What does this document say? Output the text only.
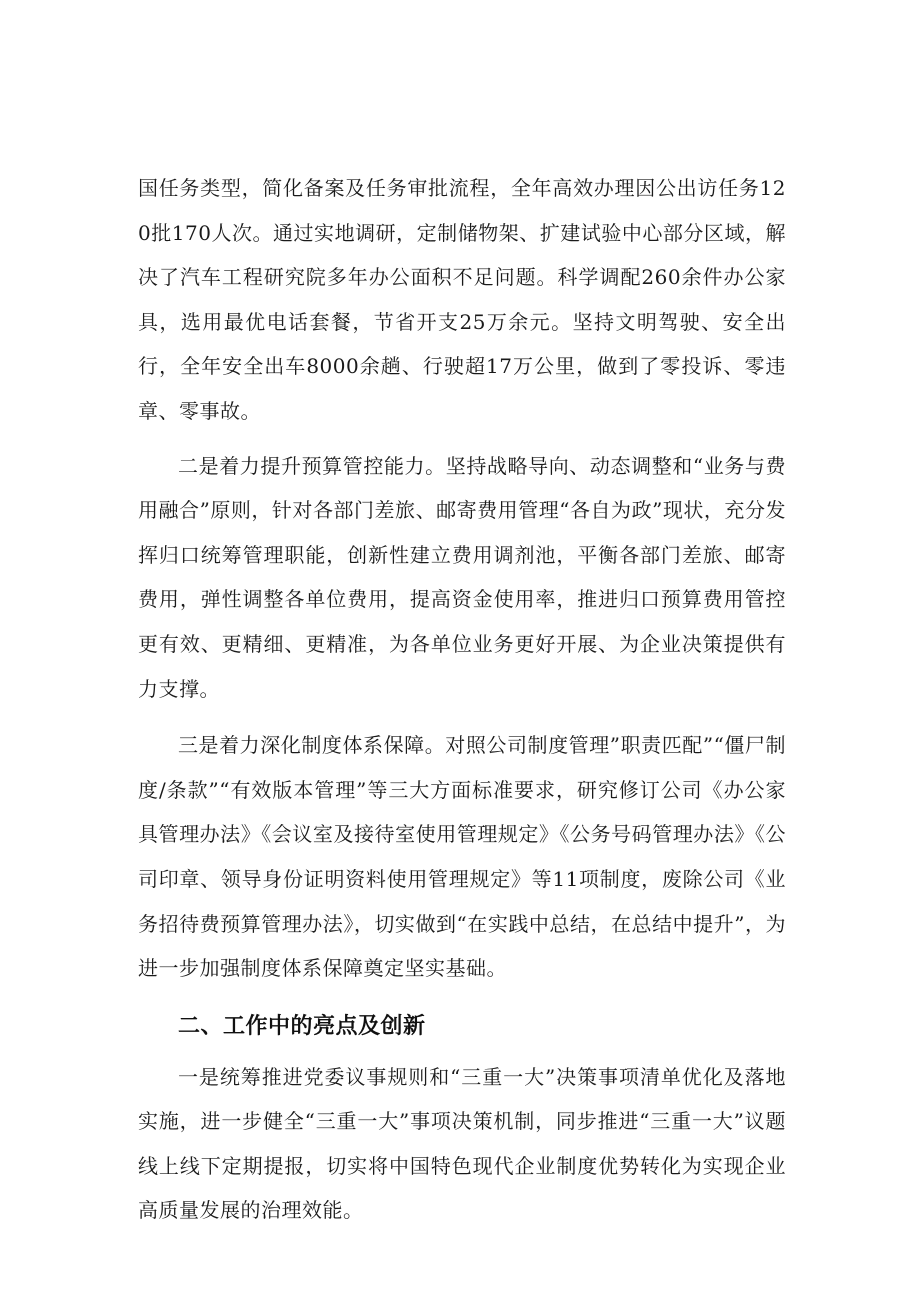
国任务类型，简化备案及任务审批流程，全年高效办理因公出访任务120批170人次。通过实地调研，定制储物架、扩建试验中心部分区域，解决了汽车工程研究院多年办公面积不足问题。科学调配260余件办公家具，选用最优电话套餐，节省开支25万余元。坚持文明驾驶、安全出行，全年安全出车8000余趟、行驶超17万公里，做到了零投诉、零违章、零事故。

二是着力提升预算管控能力。坚持战略导向、动态调整和“业务与费用融合”原则，针对各部门差旅、邮寄费用管理“各自为政”现状，充分发挥归口统筹管理职能，创新性建立费用调剂池，平衡各部门差旅、邮寄费用，弹性调整各单位费用，提高资金使用率，推进归口预算费用管控更有效、更精细、更精准，为各单位业务更好开展、为企业决策提供有力支撑。

三是着力深化制度体系保障。对照公司制度管理”职责匹配”“僵尸制度/条款”“有效版本管理”等三大方面标准要求，研究修订公司《办公家具管理办法》《会议室及接待室使用管理规定》《公务号码管理办法》《公司印章、领导身份证明资料使用管理规定》等11项制度，废除公司《业务招待费预算管理办法》，切实做到“在实践中总结，在总结中提升”，为进一步加强制度体系保障奠定坚实基础。

二、工作中的亮点及创新

一是统筹推进党委议事规则和“三重一大”决策事项清单优化及落地实施，进一步健全“三重一大”事项决策机制，同步推进“三重一大”议题线上线下定期提报，切实将中国特色现代企业制度优势转化为实现企业高质量发展的治理效能。
